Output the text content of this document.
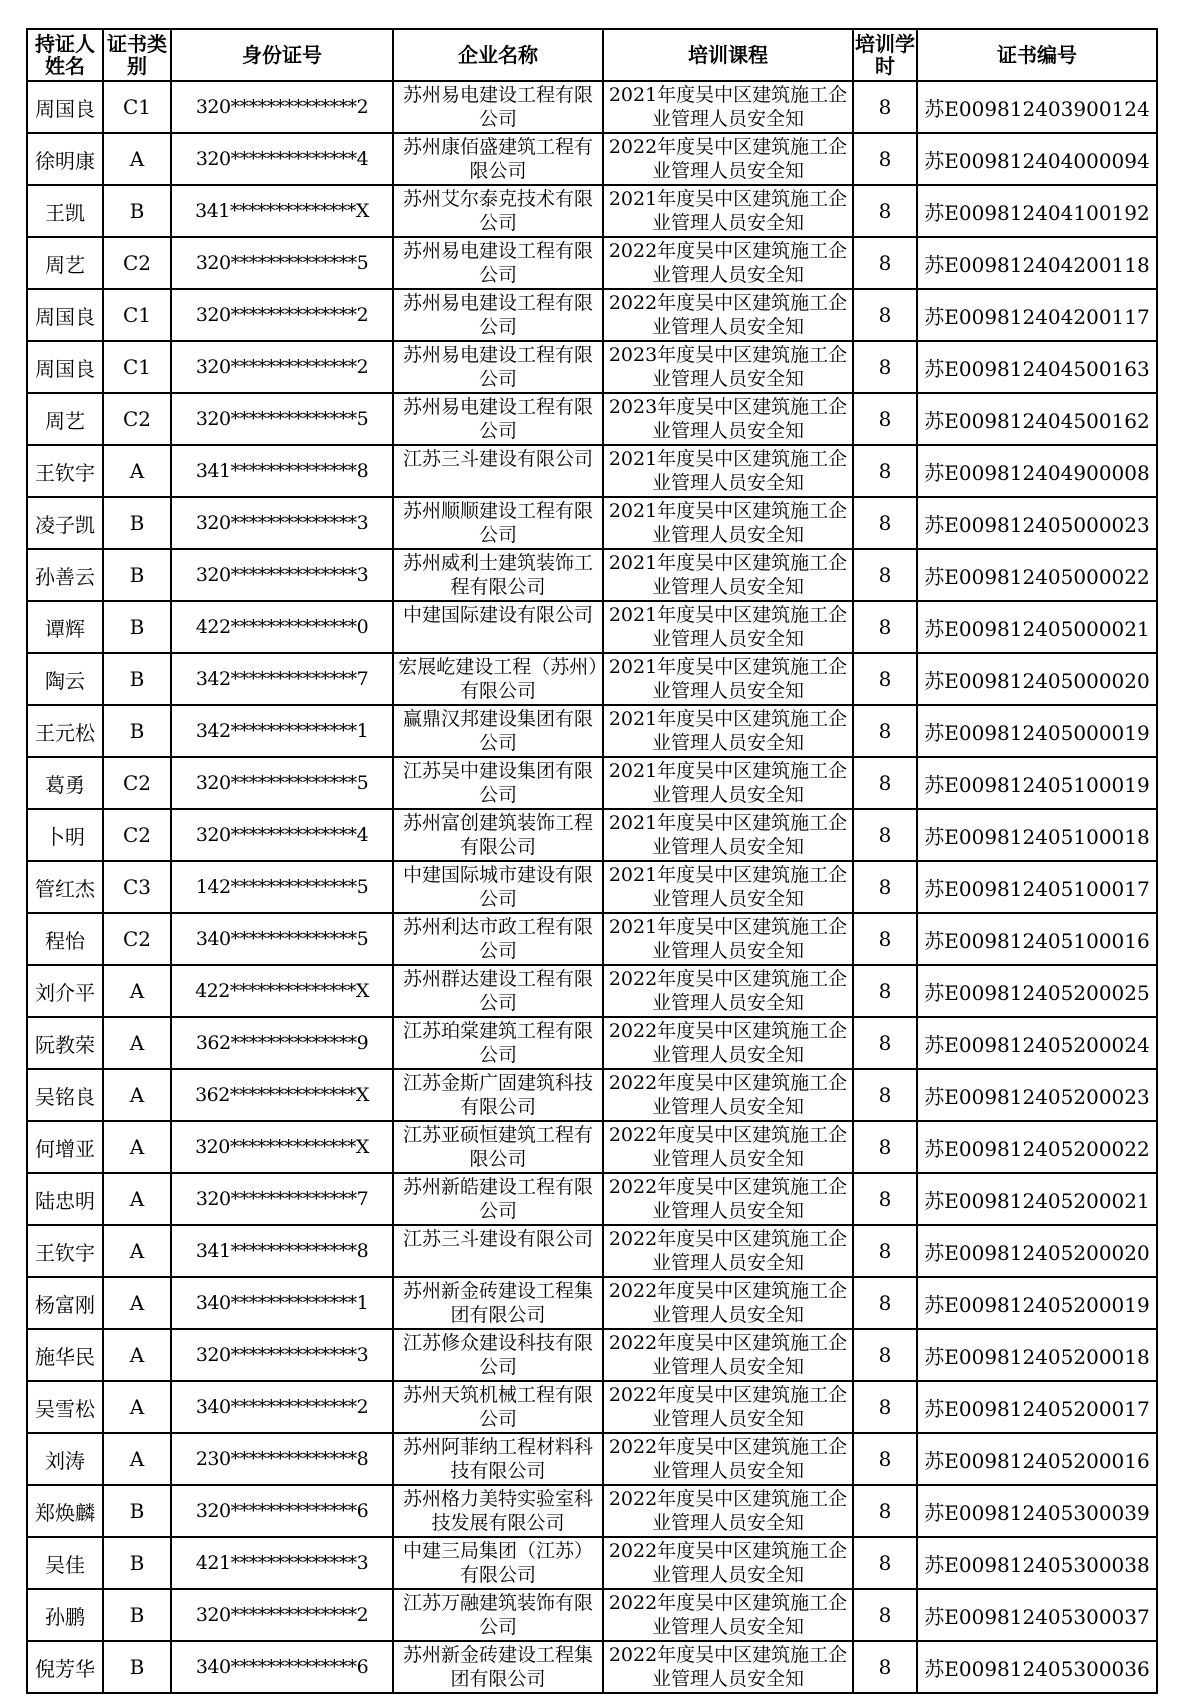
持证人姓名	证书类别	身份证号	企业名称	培训课程	培训学时	证书编号

周国良	C1	320**************2	苏州易电建设工程有限公司	2021年度吴中区建筑施工企业管理人员安全知	8	苏E009812403900124

徐明康	A	320**************4	苏州康佰盛建筑工程有限公司	2022年度吴中区建筑施工企业管理人员安全知	8	苏E009812404000094

王凯	B	341**************X	苏州艾尔泰克技术有限公司	2021年度吴中区建筑施工企业管理人员安全知	8	苏E009812404100192

周艺	C2	320**************5	苏州易电建设工程有限公司	2022年度吴中区建筑施工企业管理人员安全知	8	苏E009812404200118

周国良	C1	320**************2	苏州易电建设工程有限公司	2022年度吴中区建筑施工企业管理人员安全知	8	苏E009812404200117

周国良	C1	320**************2	苏州易电建设工程有限公司	2023年度吴中区建筑施工企业管理人员安全知	8	苏E009812404500163

周艺	C2	320**************5	苏州易电建设工程有限公司	2023年度吴中区建筑施工企业管理人员安全知	8	苏E009812404500162

王钦宇	A	341**************8	江苏三斗建设有限公司	2021年度吴中区建筑施工企业管理人员安全知	8	苏E009812404900008

凌子凯	B	320**************3	苏州顺顺建设工程有限公司	2021年度吴中区建筑施工企业管理人员安全知	8	苏E009812405000023

孙善云	B	320**************3	苏州威利士建筑装饰工程有限公司	2021年度吴中区建筑施工企业管理人员安全知	8	苏E009812405000022

谭辉	B	422**************0	中建国际建设有限公司	2021年度吴中区建筑施工企业管理人员安全知	8	苏E009812405000021

陶云	B	342**************7	宏展屹建设工程（苏州）有限公司	2021年度吴中区建筑施工企业管理人员安全知	8	苏E009812405000020

王元松	B	342**************1	赢鼎汉邦建设集团有限公司	2021年度吴中区建筑施工企业管理人员安全知	8	苏E009812405000019

葛勇	C2	320**************5	江苏吴中建设集团有限公司	2021年度吴中区建筑施工企业管理人员安全知	8	苏E009812405100019

卜明	C2	320**************4	苏州富创建筑装饰工程有限公司	2021年度吴中区建筑施工企业管理人员安全知	8	苏E009812405100018

管红杰	C3	142**************5	中建国际城市建设有限公司	2021年度吴中区建筑施工企业管理人员安全知	8	苏E009812405100017

程怡	C2	340**************5	苏州利达市政工程有限公司	2021年度吴中区建筑施工企业管理人员安全知	8	苏E009812405100016

刘介平	A	422**************X	苏州群达建设工程有限公司	2022年度吴中区建筑施工企业管理人员安全知	8	苏E009812405200025

阮教荣	A	362**************9	江苏珀棠建筑工程有限公司	2022年度吴中区建筑施工企业管理人员安全知	8	苏E009812405200024

吴铭良	A	362**************X	江苏金斯广固建筑科技有限公司	2022年度吴中区建筑施工企业管理人员安全知	8	苏E009812405200023

何增亚	A	320**************X	江苏亚硕恒建筑工程有限公司	2022年度吴中区建筑施工企业管理人员安全知	8	苏E009812405200022

陆忠明	A	320**************7	苏州新皓建设工程有限公司	2022年度吴中区建筑施工企业管理人员安全知	8	苏E009812405200021

王钦宇	A	341**************8	江苏三斗建设有限公司	2022年度吴中区建筑施工企业管理人员安全知	8	苏E009812405200020

杨富刚	A	340**************1	苏州新金砖建设工程集团有限公司	2022年度吴中区建筑施工企业管理人员安全知	8	苏E009812405200019

施华民	A	320**************3	江苏修众建设科技有限公司	2022年度吴中区建筑施工企业管理人员安全知	8	苏E009812405200018

吴雪松	A	340**************2	苏州天筑机械工程有限公司	2022年度吴中区建筑施工企业管理人员安全知	8	苏E009812405200017

刘涛	A	230**************8	苏州阿菲纳工程材料科技有限公司	2022年度吴中区建筑施工企业管理人员安全知	8	苏E009812405200016

郑焕麟	B	320**************6	苏州格力美特实验室科技发展有限公司	2022年度吴中区建筑施工企业管理人员安全知	8	苏E009812405300039

吴佳	B	421**************3	中建三局集团（江苏）有限公司	2022年度吴中区建筑施工企业管理人员安全知	8	苏E009812405300038

孙鹏	B	320**************2	江苏万融建筑装饰有限公司	2022年度吴中区建筑施工企业管理人员安全知	8	苏E009812405300037

倪芳华	B	340**************6	苏州新金砖建设工程集团有限公司	2022年度吴中区建筑施工企业管理人员安全知	8	苏E009812405300036
